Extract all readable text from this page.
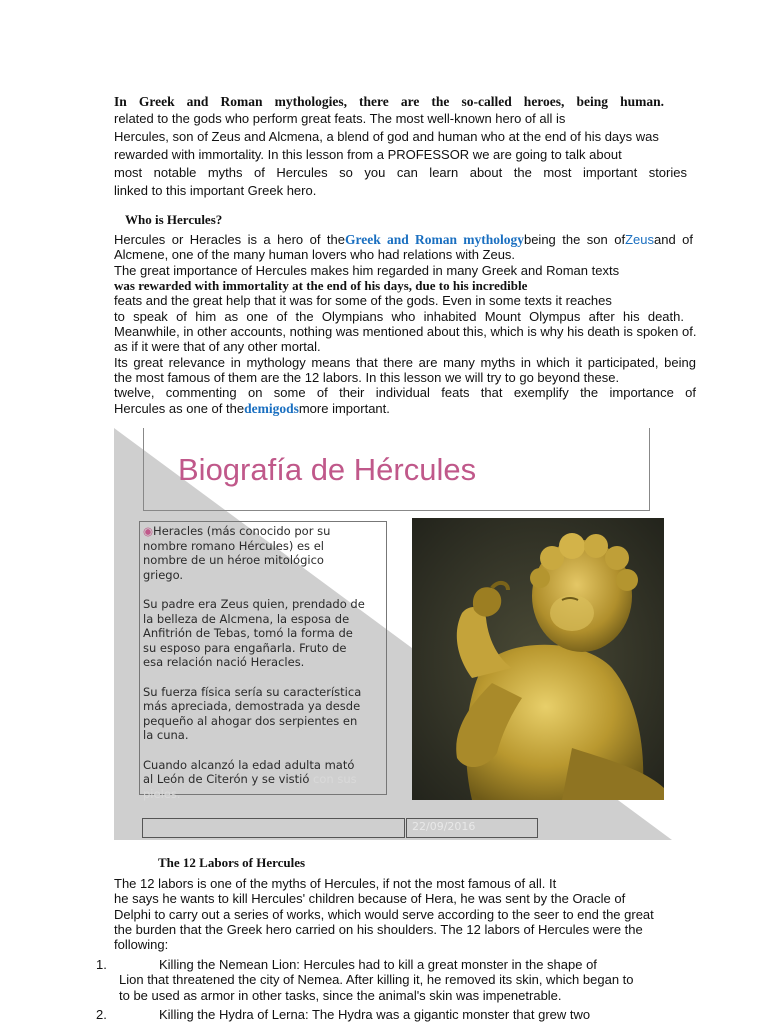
In Greek and Roman mythologies, there are the so-called heroes, being human.
related to the gods who perform great feats. The most well-known hero of all is
Hercules, son of Zeus and Alcmena, a blend of god and human who at the end of his days was
rewarded with immortality. In this lesson from a PROFESSOR we are going to talk about
most notable myths of Hercules so you can learn about the most important stories
linked to this important Greek hero.
Who is Hercules?
Hercules or Heracles is a hero of theGreek and Roman mythologybeing the son ofZeusand of
Alcmene, one of the many human lovers who had relations with Zeus.
The great importance of Hercules makes him regarded in many Greek and Roman texts
was rewarded with immortality at the end of his days, due to his incredible
feats and the great help that it was for some of the gods. Even in some texts it reaches
to speak of him as one of the Olympians who inhabited Mount Olympus after his death.
Meanwhile, in other accounts, nothing was mentioned about this, which is why his death is spoken of.
as if it were that of any other mortal.
Its great relevance in mythology means that there are many myths in which it participated, being
the most famous of them are the 12 labors. In this lesson we will try to go beyond these.
twelve, commenting on some of their individual feats that exemplify the importance of
Hercules as one of thedemigodsmore important.
Biografía de Hércules

◉Heracles (más conocido por su
nombre romano Hércules) es el
nombre de un héroe mitológico
griego.

Su padre era Zeus quien, prendado de
la belleza de Alcmena, la esposa de
Anfitrión de Tebas, tomó la forma de
su esposo para engañarla. Fruto de
esa relación nació Heracles.

Su fuerza física sería su característica
más apreciada, demostrada ya desde
pequeño al ahogar dos serpientes en
la cuna.

Cuando alcanzó la edad adulta mató
al León de Citerón y se vistió con sus
pieles.

22/09/2016
The 12 Labors of Hercules
The 12 labors is one of the myths of Hercules, if not the most famous of all. It
he says he wants to kill Hercules' children because of Hera, he was sent by the Oracle of
Delphi to carry out a series of works, which would serve according to the seer to end the great
the burden that the Greek hero carried on his shoulders. The 12 labors of Hercules were the
following:
1.	Killing the Nemean Lion: Hercules had to kill a great monster in the shape of
Lion that threatened the city of Nemea. After killing it, he removed its skin, which began to
to be used as armor in other tasks, since the animal's skin was impenetrable.
2.	Killing the Hydra of Lerna: The Hydra was a gigantic monster that grew two
